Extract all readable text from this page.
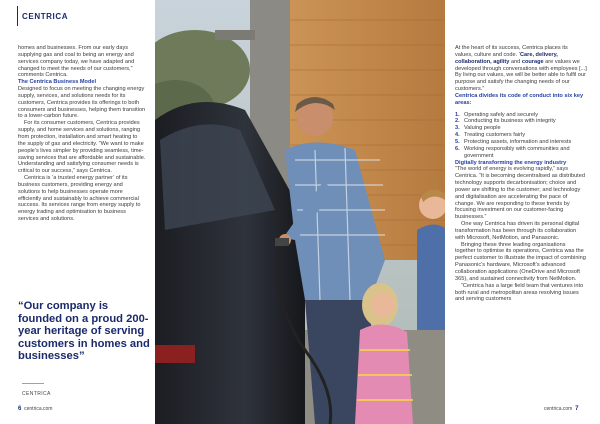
CENTRICA

homes and businesses. From our early days supplying gas and coal to being an energy and services company today, we have adapted and changed to meet the needs of our customers,” comments Centrica.

The Centrica Business Model

Designed to focus on meeting the changing energy supply, services, and solutions needs for its customers, Centrica provides its offerings to both consumers and businesses, helping them transition to a lower-carbon future.

For its consumer customers, Centrica provides supply, and home services and solutions, ranging from protection, installation and smart heating to the supply of gas and electricity. “We want to make people’s lives simpler by providing seamless, time-saving services that are affordable and sustainable. Understanding and satisfying consumer needs is critical to our success,” says Centrica.

Centrica is ‘a trusted energy partner’ of its business customers, providing energy and solutions to help businesses operate more efficiently and sustainably to achieve commercial success. Its services range from energy supply to energy trading and optimisation to business services and solutions.

“Our company is founded on a proud 200-year heritage of serving customers in homes and businesses”
CENTRICA
6 centrica.com

At the heart of its success, Centrica places its values, culture and code. ‘Care, delivery, collaboration, agility and courage are values we developed through conversations with employees [...] By living our values, we will be better able to fulfil our purpose and satisfy the changing needs of our customers.”

Centrica divides its code of conduct into six key areas:

1. Operating safely and securely
2. Conducting its business with integrity
3. Valuing people
4. Treating customers fairly
5. Protecting assets, information and interests
6. Working responsibly with communities and government

Digitally transforming the energy industry

“The world of energy is evolving rapidly,” says Centrica. “It is becoming decentralised as distributed technology supports decarbonisation; choice and power are shifting to the customer; and technology and digitalisation are accelerating the pace of change. We are responding to these trends by focusing investment on our customer-facing businesses.”

One way Centrica has driven its personal digital transformation has been through its collaboration with Microsoft, NetMotion, and Panasonic.

Bringing these three leading organisations together to optimise its operations, Centrica was the perfect customer to illustrate the impact of combining Panasonic’s hardware, Microsoft’s advanced collaboration applications (OneDrive and Microsoft 365), and sustained connectivity from NetMotion.

“Centrica has a large field team that ventures into both rural and metropolitan areas resolving issues and serving customers

centrica.com 7
